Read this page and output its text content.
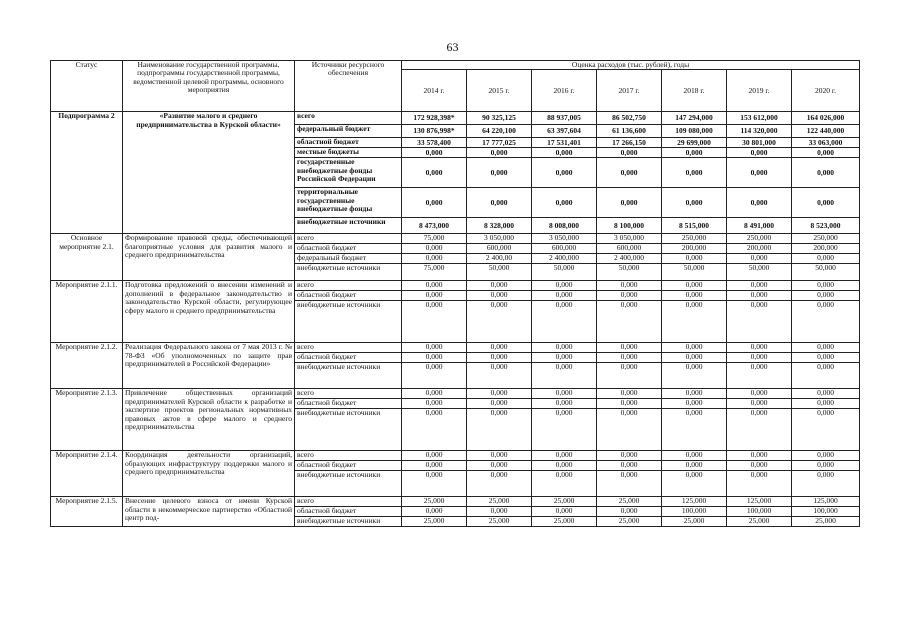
63
Статус	Наименование государственной программы, подпрограммы государственной программы, ведомственной целевой программы, основного мероприятия	Источники ресурсного обеспечения	Оценка расходов (тыс. рублей), годы						
			2014 г.	2015 г.	2016 г.	2017 г.	2018 г.	2019 г.	2020 г.
Подпрограмма 2	«Развитие малого и среднего предпринимательства в Курской области»	всего	172 928,398*	90 325,125	88 937,005	86 502,750	147 294,000	153 612,000	164 026,000
		федеральный бюджет	130 876,998*	64 220,100	63 397,604	61 136,600	109 080,000	114 320,000	122 440,000
		областной бюджет	33 578,400	17 777,025	17 531,401	17 266,150	29 699,000	30 801,000	33 063,000
		местные бюджеты	0,000	0,000	0,000	0,000	0,000	0,000	0,000
		государственные внебюджетные фонды Российской Федерации	0,000	0,000	0,000	0,000	0,000	0,000	0,000
		территориальные государственные внебюджетные фонды	0,000	0,000	0,000	0,000	0,000	0,000	0,000
		внебюджетные источники	8 473,000	8 328,000	8 008,000	8 100,000	8 515,000	8 491,000	8 523,000
Основное мероприятие 2.1.	Формирование правовой среды, обеспечивающей благоприятные условия для развития малого и среднего предпринимательства	всего	75,000	3 050,000	3 050,000	3 050,000	250,000	250,000	250,000
		областной бюджет	0,000	600,000	600,000	600,000	200,000	200,000	200,000
		федеральный бюджет	0,000	2 400,00	2 400,000	2 400,000	0,000	0,000	0,000
		внебюджетные источники	75,000	50,000	50,000	50,000	50,000	50,000	50,000
Мероприятие 2.1.1.	Подготовка предложений о внесении изменений и дополнений в федеральное законодательство и законодательство Курской области, регулирующее сферу малого и среднего предпринимательства	всего	0,000	0,000	0,000	0,000	0,000	0,000	0,000
		областной бюджет	0,000	0,000	0,000	0,000	0,000	0,000	0,000
		внебюджетные источники	0,000	0,000	0,000	0,000	0,000	0,000	0,000
Мероприятие 2.1.2.	Реализация Федерального закона от 7 мая 2013 г. № 78-ФЗ «Об уполномоченных по защите прав предпринимателей в Российской Федерации»	всего	0,000	0,000	0,000	0,000	0,000	0,000	0,000
		областной бюджет	0,000	0,000	0,000	0,000	0,000	0,000	0,000
		внебюджетные источники	0,000	0,000	0,000	0,000	0,000	0,000	0,000
Мероприятие 2.1.3.	Привлечение общественных организаций предпринимателей Курской области к разработке и экспертизе проектов региональных нормативных правовых актов в сфере малого и среднего предпринимательства	всего	0,000	0,000	0,000	0,000	0,000	0,000	0,000
		областной бюджет	0,000	0,000	0,000	0,000	0,000	0,000	0,000
		внебюджетные источники	0,000	0,000	0,000	0,000	0,000	0,000	0,000
Мероприятие 2.1.4.	Координация деятельности организаций, образующих инфраструктуру поддержки малого и среднего предпринимательства	всего	0,000	0,000	0,000	0,000	0,000	0,000	0,000
		областной бюджет	0,000	0,000	0,000	0,000	0,000	0,000	0,000
		внебюджетные источники	0,000	0,000	0,000	0,000	0,000	0,000	0,000
Мероприятие 2.1.5.	Внесение целевого взноса от имени Курской области в некоммерческое партнерство «Областной центр под-	всего	25,000	25,000	25,000	25,000	125,000	125,000	125,000
		областной бюджет	0,000	0,000	0,000	0,000	100,000	100,000	100,000
		внебюджетные источники	25,000	25,000	25,000	25,000	25,000	25,000	25,000
